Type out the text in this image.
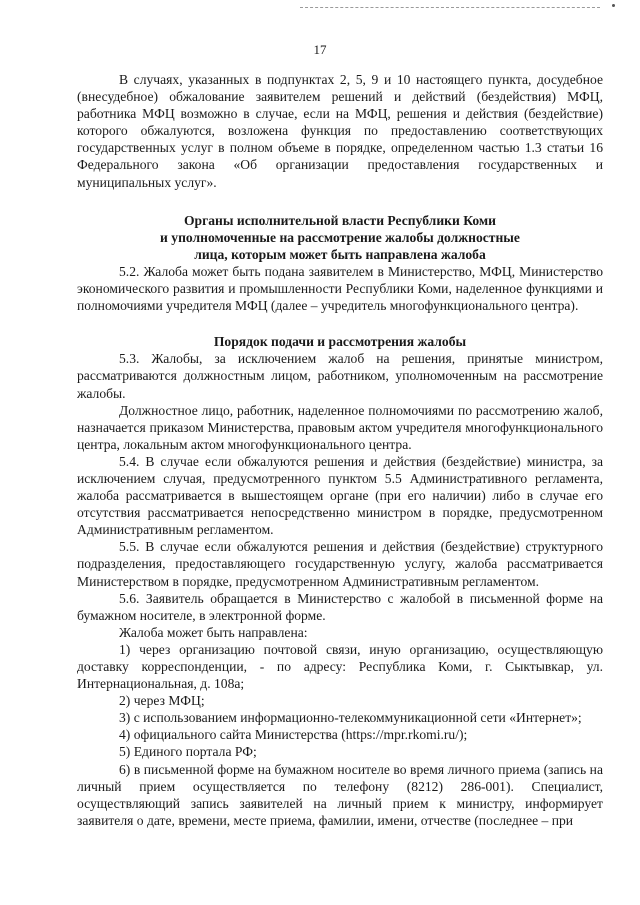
17

В случаях, указанных в подпунктах 2, 5, 9 и 10 настоящего пункта, досудебное (внесудебное) обжалование заявителем решений и действий (бездействия) МФЦ, работника МФЦ возможно в случае, если на МФЦ, решения и действия (бездействие) которого обжалуются, возложена функция по предоставлению соответствующих государственных услуг в полном объеме в порядке, определенном частью 1.3 статьи 16 Федерального закона «Об организации предоставления государственных и муниципальных услуг».

Органы исполнительной власти Республики Коми
и уполномоченные на рассмотрение жалобы должностные
лица, которым может быть направлена жалоба

5.2. Жалоба может быть подана заявителем в Министерство, МФЦ, Министерство экономического развития и промышленности Республики Коми, наделенное функциями и полномочиями учредителя МФЦ (далее – учредитель многофункционального центра).

Порядок подачи и рассмотрения жалобы

5.3. Жалобы, за исключением жалоб на решения, принятые министром, рассматриваются должностным лицом, работником, уполномоченным на рассмотрение жалобы.

Должностное лицо, работник, наделенное полномочиями по рассмотрению жалоб, назначается приказом Министерства, правовым актом учредителя многофункционального центра, локальным актом многофункционального центра.

5.4. В случае если обжалуются решения и действия (бездействие) министра, за исключением случая, предусмотренного пунктом 5.5 Административного регламента, жалоба рассматривается в вышестоящем органе (при его наличии) либо в случае его отсутствия рассматривается непосредственно министром в порядке, предусмотренном Административным регламентом.

5.5. В случае если обжалуются решения и действия (бездействие) структурного подразделения, предоставляющего государственную услугу, жалоба рассматривается Министерством в порядке, предусмотренном Административным регламентом.

5.6. Заявитель обращается в Министерство с жалобой в письменной форме на бумажном носителе, в электронной форме.

Жалоба может быть направлена:

1) через организацию почтовой связи, иную организацию, осуществляющую доставку корреспонденции, - по адресу: Республика Коми, г. Сыктывкар, ул. Интернациональная, д. 108а;

2) через МФЦ;

3) с использованием информационно-телекоммуникационной сети «Интернет»;

4) официального сайта Министерства (https://mpr.rkomi.ru/);

5) Единого портала РФ;

6) в письменной форме на бумажном носителе во время личного приема (запись на личный прием осуществляется по телефону (8212) 286-001). Специалист, осуществляющий запись заявителей на личный прием к министру, информирует заявителя о дате, времени, месте приема, фамилии, имени, отчестве (последнее – при
